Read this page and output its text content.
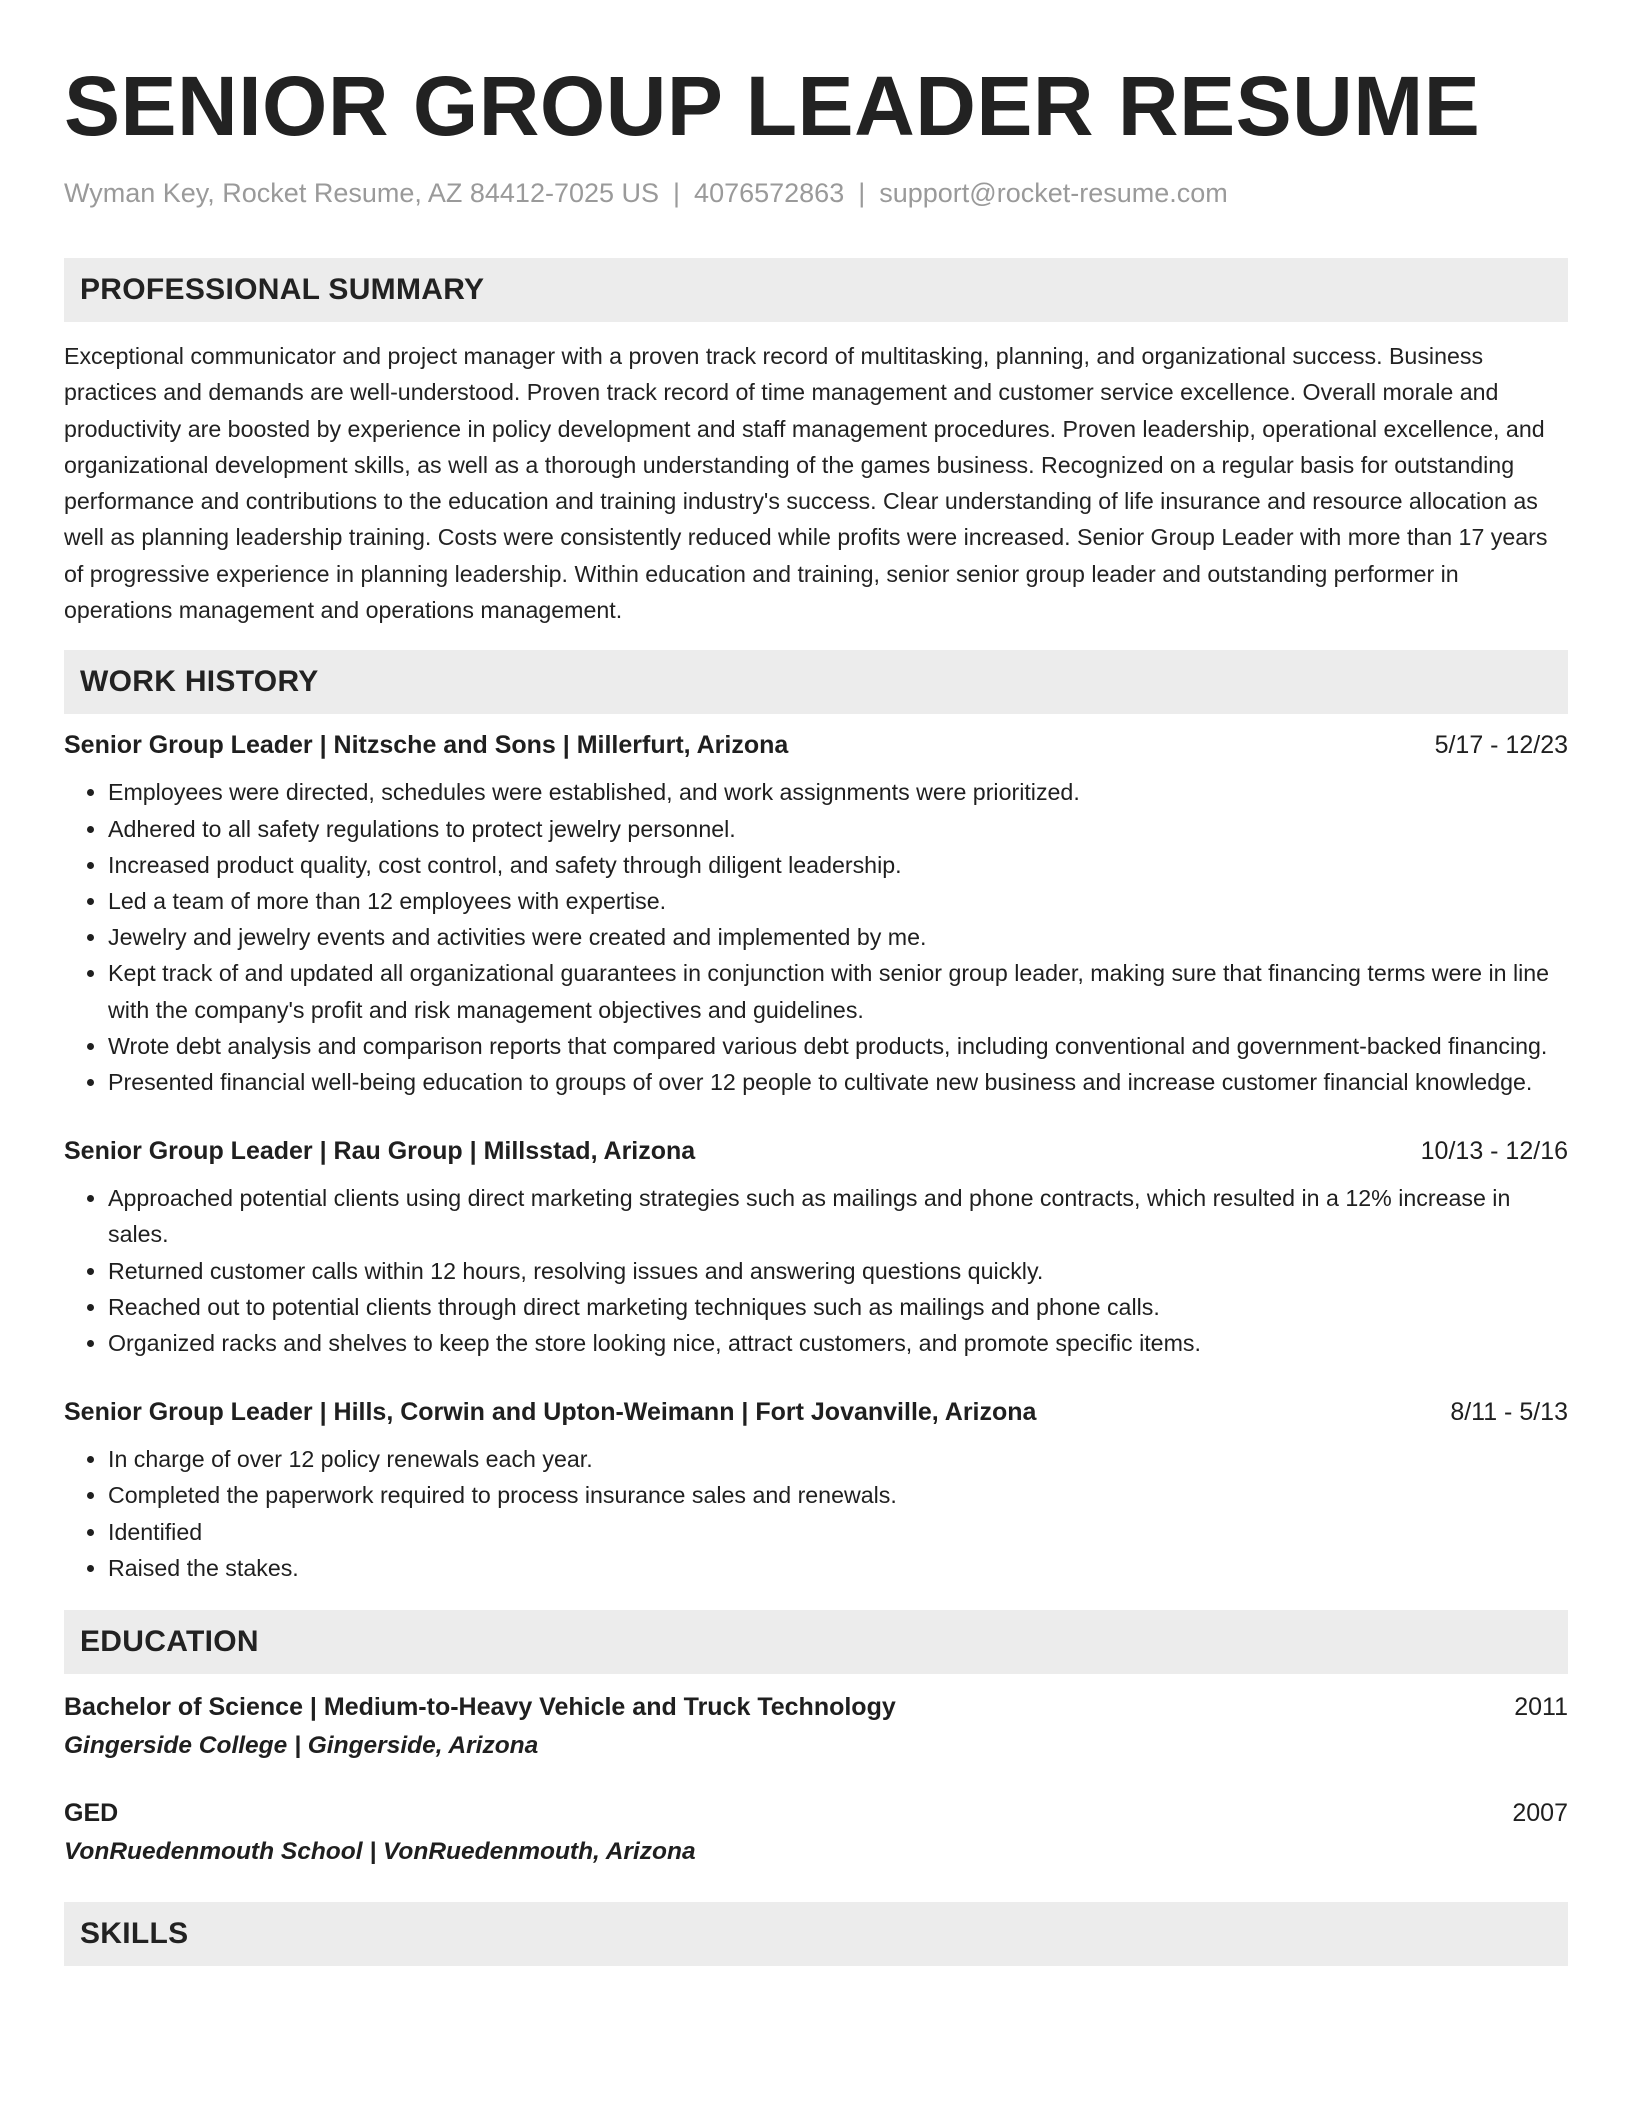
SENIOR GROUP LEADER RESUME
Wyman Key, Rocket Resume, AZ 84412-7025 US | 4076572863 | support@rocket-resume.com
PROFESSIONAL SUMMARY

Exceptional communicator and project manager with a proven track record of multitasking, planning, and organizational success. Business practices and demands are well-understood. Proven track record of time management and customer service excellence. Overall morale and productivity are boosted by experience in policy development and staff management procedures. Proven leadership, operational excellence, and organizational development skills, as well as a thorough understanding of the games business. Recognized on a regular basis for outstanding performance and contributions to the education and training industry's success. Clear understanding of life insurance and resource allocation as well as planning leadership training. Costs were consistently reduced while profits were increased. Senior Group Leader with more than 17 years of progressive experience in planning leadership. Within education and training, senior senior group leader and outstanding performer in operations management and operations management.

WORK HISTORY
Senior Group Leader | Nitzsche and Sons | Millerfurt, Arizona	5/17 - 12/23
• Employees were directed, schedules were established, and work assignments were prioritized.
• Adhered to all safety regulations to protect jewelry personnel.
• Increased product quality, cost control, and safety through diligent leadership.
• Led a team of more than 12 employees with expertise.
• Jewelry and jewelry events and activities were created and implemented by me.
• Kept track of and updated all organizational guarantees in conjunction with senior group leader, making sure that financing terms were in line with the company's profit and risk management objectives and guidelines.
• Wrote debt analysis and comparison reports that compared various debt products, including conventional and government-backed financing.
• Presented financial well-being education to groups of over 12 people to cultivate new business and increase customer financial knowledge.
Senior Group Leader | Rau Group | Millsstad, Arizona	10/13 - 12/16
• Approached potential clients using direct marketing strategies such as mailings and phone contracts, which resulted in a 12% increase in sales.
• Returned customer calls within 12 hours, resolving issues and answering questions quickly.
• Reached out to potential clients through direct marketing techniques such as mailings and phone calls.
• Organized racks and shelves to keep the store looking nice, attract customers, and promote specific items.
Senior Group Leader | Hills, Corwin and Upton-Weimann | Fort Jovanville, Arizona	8/11 - 5/13
• In charge of over 12 policy renewals each year.
• Completed the paperwork required to process insurance sales and renewals.
• Identified
• Raised the stakes.
EDUCATION
Bachelor of Science | Medium-to-Heavy Vehicle and Truck Technology	2011
Gingerside College | Gingerside, Arizona
GED	2007
VonRuedenmouth School | VonRuedenmouth, Arizona
SKILLS
